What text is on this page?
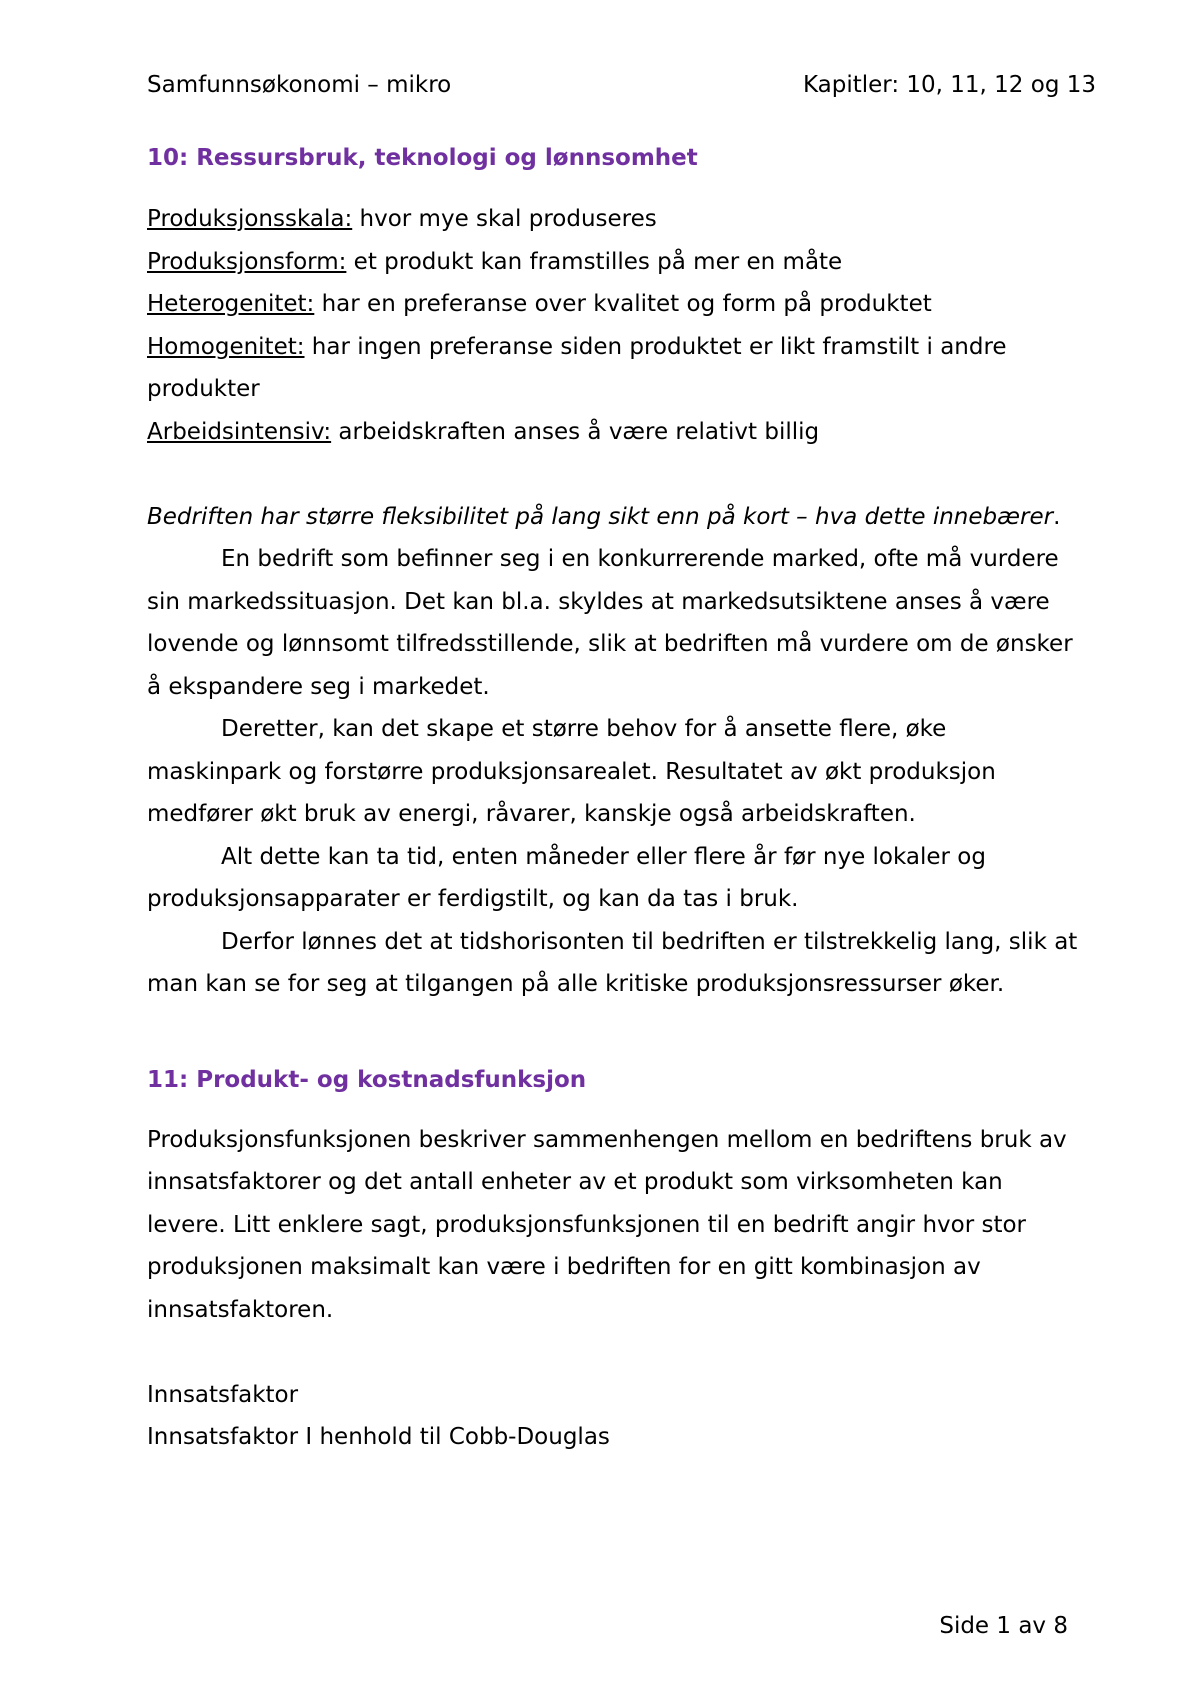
Samfunnsøkonomi – mikro	Kapitler: 10, 11, 12 og 13
10: Ressursbruk, teknologi og lønnsomhet

Produksjonsskala: hvor mye skal produseres

Produksjonsform: et produkt kan framstilles på mer en måte

Heterogenitet: har en preferanse over kvalitet og form på produktet

Homogenitet: har ingen preferanse siden produktet er likt framstilt i andre produkter

Arbeidsintensiv: arbeidskraften anses å være relativt billig

Bedriften har større fleksibilitet på lang sikt enn på kort – hva dette innebærer.

En bedrift som befinner seg i en konkurrerende marked, ofte må vurdere sin markedssituasjon. Det kan bl.a. skyldes at markedsutsiktene anses å være lovende og lønnsomt tilfredsstillende, slik at bedriften må vurdere om de ønsker å ekspandere seg i markedet.

Deretter, kan det skape et større behov for å ansette flere, øke maskinpark og forstørre produksjonsarealet. Resultatet av økt produksjon medfører økt bruk av energi, råvarer, kanskje også arbeidskraften.

Alt dette kan ta tid, enten måneder eller flere år før nye lokaler og produksjonsapparater er ferdigstilt, og kan da tas i bruk.

Derfor lønnes det at tidshorisonten til bedriften er tilstrekkelig lang, slik at man kan se for seg at tilgangen på alle kritiske produksjonsressurser øker.

11: Produkt- og kostnadsfunksjon

Produksjonsfunksjonen beskriver sammenhengen mellom en bedriftens bruk av innsatsfaktorer og det antall enheter av et produkt som virksomheten kan levere. Litt enklere sagt, produksjonsfunksjonen til en bedrift angir hvor stor produksjonen maksimalt kan være i bedriften for en gitt kombinasjon av innsatsfaktoren.

Innsatsfaktor

Innsatsfaktor I henhold til Cobb-Douglas

Side 1 av 8
